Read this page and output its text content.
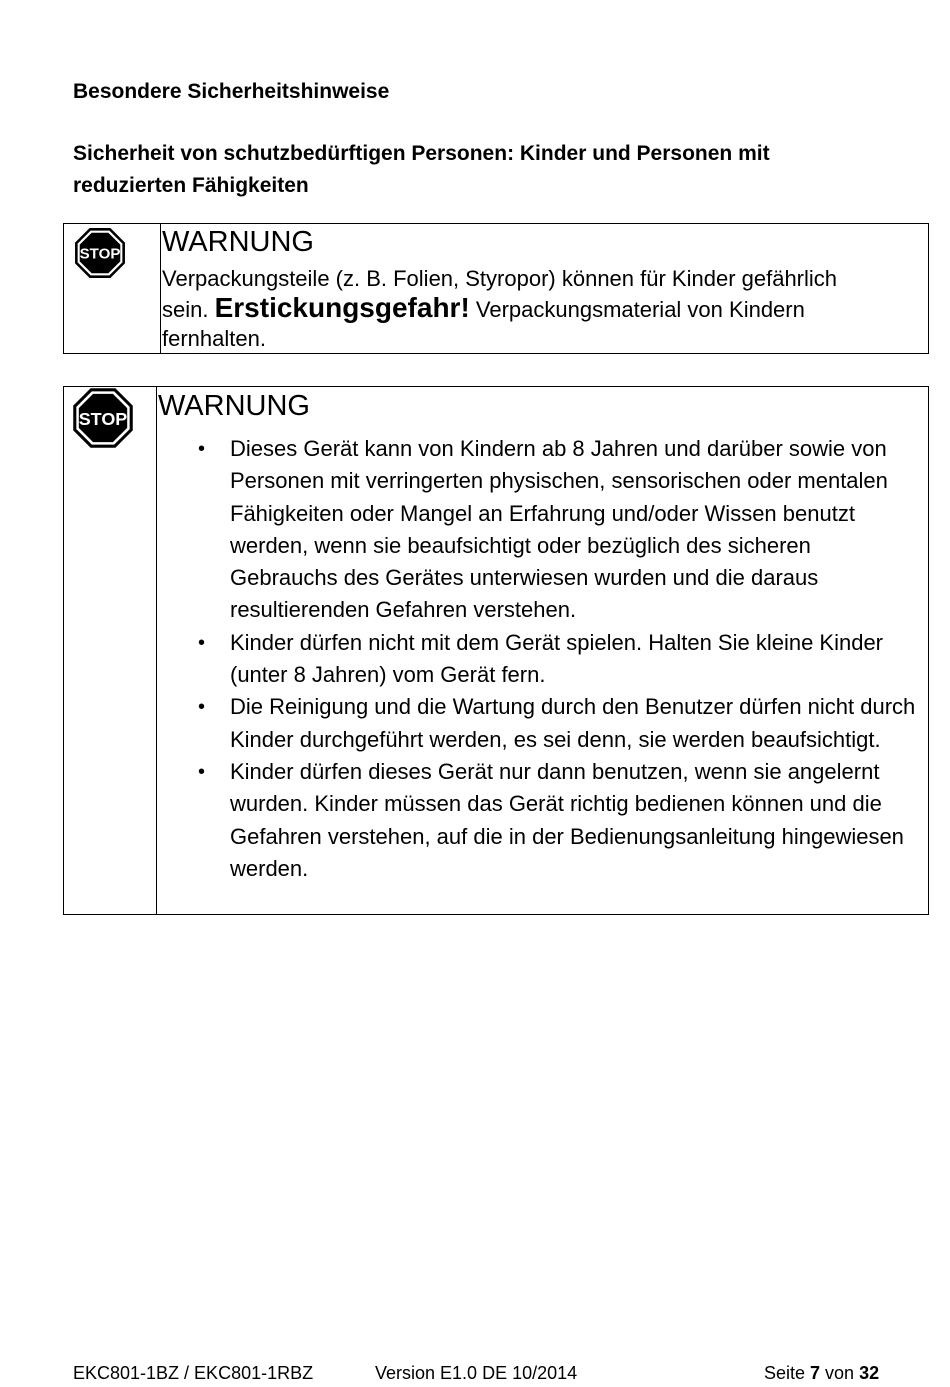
Besondere Sicherheitshinweise
Sicherheit von schutzbedürftigen Personen: Kinder und Personen mit reduzierten Fähigkeiten
STOP WARNUNG
Verpackungsteile (z. B. Folien, Styropor) können für Kinder gefährlich sein. Erstickungsgefahr! Verpackungsmaterial von Kindern fernhalten.
STOP WARNUNG
• Dieses Gerät kann von Kindern ab 8 Jahren und darüber sowie von Personen mit verringerten physischen, sensorischen oder mentalen Fähigkeiten oder Mangel an Erfahrung und/oder Wissen benutzt werden, wenn sie beaufsichtigt oder bezüglich des sicheren Gebrauchs des Gerätes unterwiesen wurden und die daraus resultierenden Gefahren verstehen.
• Kinder dürfen nicht mit dem Gerät spielen. Halten Sie kleine Kinder (unter 8 Jahren) vom Gerät fern.
• Die Reinigung und die Wartung durch den Benutzer dürfen nicht durch Kinder durchgeführt werden, es sei denn, sie werden beaufsichtigt.
• Kinder dürfen dieses Gerät nur dann benutzen, wenn sie angelernt wurden. Kinder müssen das Gerät richtig bedienen können und die Gefahren verstehen, auf die in der Bedienungsanleitung hingewiesen werden.
EKC801-1BZ / EKC801-1RBZ	Version E1.0 DE 10/2014	Seite 7 von 32
